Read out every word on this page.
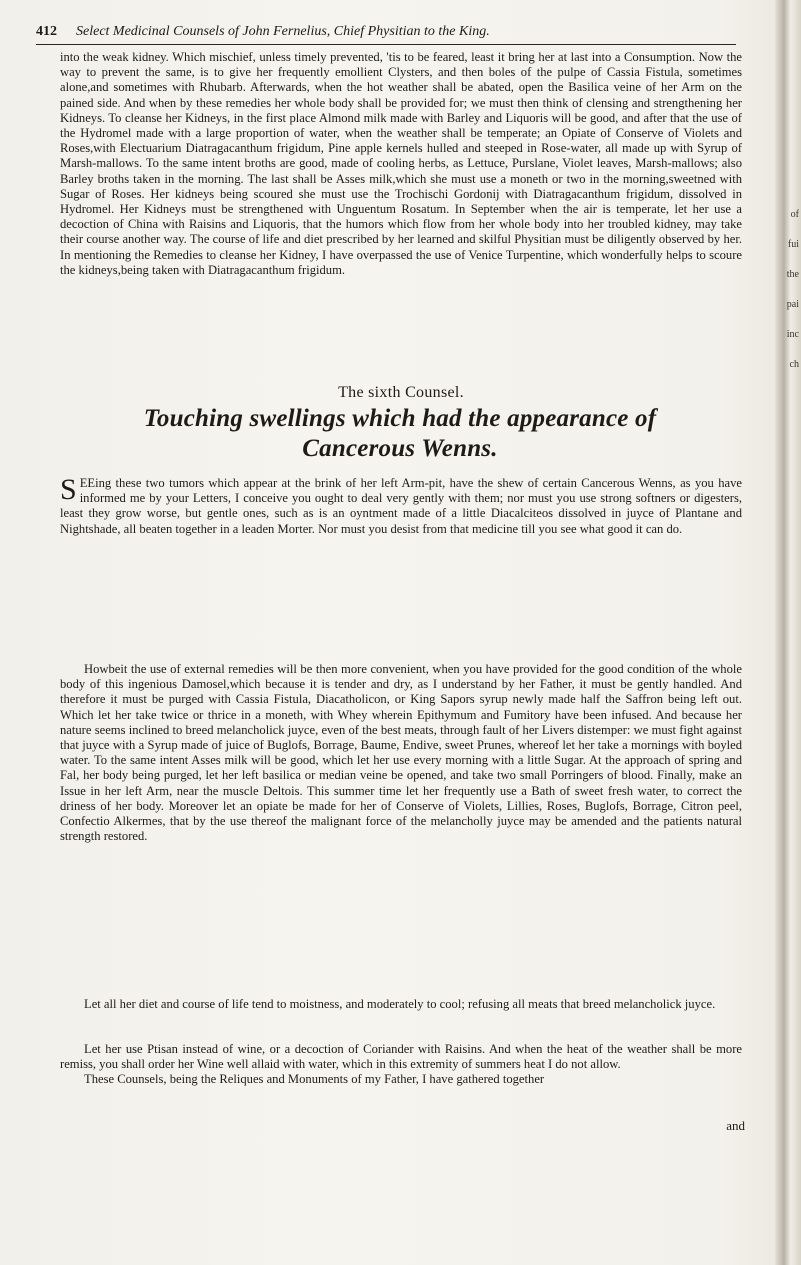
412 Select Medicinal Counsels of John Fernelius, Chief Physitian to the King.

into the weak kidney. Which mischief, unless timely prevented, 'tis to be feared, least it bring her at last into a Consumption. Now the way to prevent the same, is to give her frequently emollient Clysters, and then boles of the pulpe of Cassia Fistula, sometimes alone,and sometimes with Rhubarb. Afterwards, when the hot weather shall be abated, open the Basilica veine of her Arm on the pained side. And when by these remedies her whole body shall be provided for; we must then think of clensing and strengthening her Kidneys. To cleanse her Kidneys, in the first place Almond milk made with Barley and Liquoris will be good, and after that the use of the Hydromel made with a large proportion of water, when the weather shall be temperate; an Opiate of Conserve of Violets and Roses,with Electuarium Diatragacanthum frigidum, Pine apple kernels hulled and steeped in Rose-water, all made up with Syrup of Marsh-mallows. To the same intent broths are good, made of cooling herbs, as Lettuce, Purslane, Violet leaves, Marsh-mallows; also Barley broths taken in the morning. The last shall be Asses milk,which she must use a moneth or two in the morning,sweetned with Sugar of Roses. Her kidneys being scoured she must use the Trochischi Gordonij with Diatragacanthum frigidum, dissolved in Hydromel. Her Kidneys must be strengthened with Unguentum Rosatum. In September when the air is temperate, let her use a decoction of China with Raisins and Liquoris, that the humors which flow from her whole body into her troubled kidney, may take their course another way. The course of life and diet prescribed by her learned and skilful Physitian must be diligently observed by her. In mentioning the Remedies to cleanse her Kidney, I have overpassed the use of Venice Turpentine, which wonderfully helps to scoure the kidneys,being taken with Diatragacanthum frigidum.

The sixth Counsel.
Touching swellings which had the appearance of
Cancerous Wenns.

S EEing these two tumors which appear at the brink of her left Arm-pit, have the shew of certain Cancerous Wenns, as you have informed me by your Letters, I conceive you ought to deal very gently with them; nor must you use strong softners or digesters, least they grow worse, but gentle ones, such as is an oyntment made of a little Diacalciteos dissolved in juyce of Plantane and Nightshade, all beaten together in a leaden Morter. Nor must you desist from that medicine till you see what good it can do.

Howbeit the use of external remedies will be then more convenient, when you have provided for the good condition of the whole body of this ingenious Damosel,which because it is tender and dry, as I understand by her Father, it must be gently handled. And therefore it must be purged with Cassia Fistula, Diacatholicon, or King Sapors syrup newly made half the Saffron being left out. Which let her take twice or thrice in a moneth, with Whey wherein Epithymum and Fumitory have been infused. And because her nature seems inclined to breed melancholick juyce, even of the best meats, through fault of her Livers distemper: we must fight against that juyce with a Syrup made of juice of Buglofs, Borrage, Baume, Endive, sweet Prunes, whereof let her take a mornings with boyled water. To the same intent Asses milk will be good, which let her use every morning with a little Sugar. At the approach of spring and Fal, her body being purged, let her left basilica or median veine be opened, and take two small Porringers of blood. Finally, make an Issue in her left Arm, near the muscle Deltois. This summer time let her frequently use a Bath of sweet fresh water, to correct the driness of her body. Moreover let an opiate be made for her of Conserve of Violets, Lillies, Roses, Buglofs, Borrage, Citron peel, Confectio Alkermes, that by the use thereof the malignant force of the melancholly juyce may be amended and the patients natural strength restored.

Let all her diet and course of life tend to moistness, and moderately to cool; refusing all meats that breed melancholick juyce.

Let her use Ptisan instead of wine, or a decoction of Coriander with Raisins. And when the heat of the weather shall be more remiss, you shall order her Wine well allaid with water, which in this extremity of summers heat I do not allow.
These Counsels, being the Reliques and Monuments of my Father, I have gathered together

and
of
fui
the
pai
inc
ch
